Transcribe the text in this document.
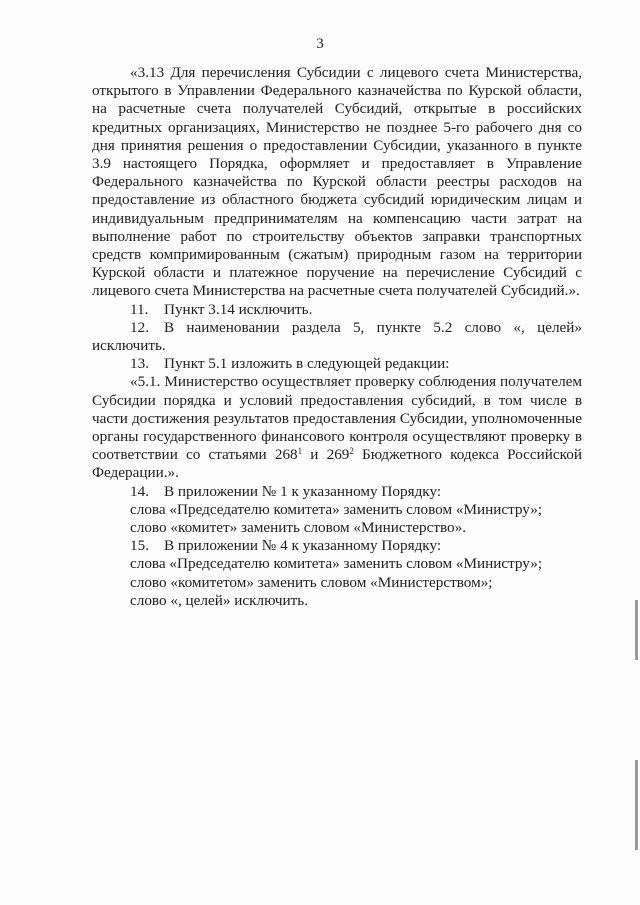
3

«3.13 Для перечисления Субсидии с лицевого счета Министерства, открытого в Управлении Федерального казначейства по Курской области, на расчетные счета получателей Субсидий, открытые в российских кредитных организациях, Министерство не позднее 5-го рабочего дня со дня принятия решения о предоставлении Субсидии, указанного в пункте 3.9 настоящего Порядка, оформляет и предоставляет в Управление Федерального казначейства по Курской области реестры расходов на предоставление из областного бюджета субсидий юридическим лицам и индивидуальным предпринимателям на компенсацию части затрат на выполнение работ по строительству объектов заправки транспортных средств компримированным (сжатым) природным газом на территории Курской области и платежное поручение на перечисление Субсидий с лицевого счета Министерства на расчетные счета получателей Субсидий.».

11. Пункт 3.14 исключить.

12. В наименовании раздела 5, пункте 5.2 слово «, целей» исключить.

13. Пункт 5.1 изложить в следующей редакции:

«5.1. Министерство осуществляет проверку соблюдения получателем Субсидии порядка и условий предоставления субсидий, в том числе в части достижения результатов предоставления Субсидии, уполномоченные органы государственного финансового контроля осуществляют проверку в соответствии со статьями $268^1$ и $269^2$ Бюджетного кодекса Российской Федерации.».

14. В приложении № 1 к указанному Порядку:

слова «Председателю комитета» заменить словом «Министру»;

слово «комитет» заменить словом «Министерство».

15. В приложении № 4 к указанному Порядку:

слова «Председателю комитета» заменить словом «Министру»;

слово «комитетом» заменить словом «Министерством»;

слово «, целей» исключить.
